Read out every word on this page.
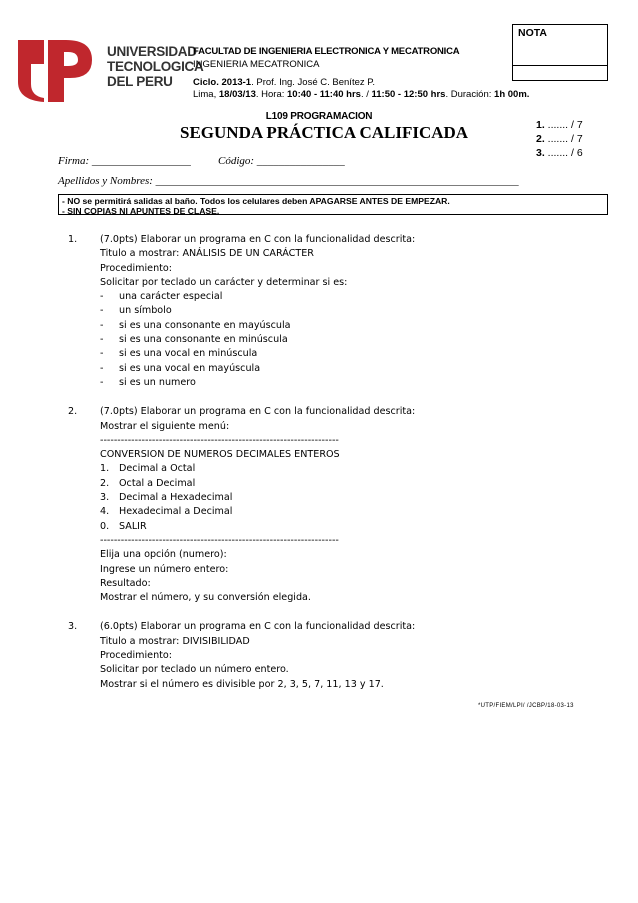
UNIVERSIDAD
TECNOLOGICA
DEL PERU
FACULTAD DE INGENIERIA ELECTRONICA Y MECATRONICA
INGENIERIA MECATRONICA
Ciclo. 2013-1. Prof. Ing. José C. Benítez P.
Lima, 18/03/13. Hora: 10:40 - 11:40 hrs. / 11:50 - 12:50 hrs. Duración: 1h 00m.
NOTA
L109 PROGRAMACION
SEGUNDA PRÁCTICA CALIFICADA	1. ....... / 7
2. ....... / 7
3. ....... / 6
Firma: __________________ Código: ________________
Apellidos y Nombres: __________________________________________________________________
- NO se permitirá salidas al baño. Todos los celulares deben APAGARSE ANTES DE EMPEZAR.
- SIN COPIAS NI APUNTES DE CLASE.
1. (7.0pts) Elaborar un programa en C con la funcionalidad descrita:
Titulo a mostrar: ANÁLISIS DE UN CARÁCTER
Procedimiento:
Solicitar por teclado un carácter y determinar si es:
- una carácter especial
- un símbolo
- si es una consonante en mayúscula
- si es una consonante en minúscula
- si es una vocal en minúscula
- si es una vocal en mayúscula
- si es un numero
2. (7.0pts) Elaborar un programa en C con la funcionalidad descrita:
Mostrar el siguiente menú:
---------------------------------------------------------------------
CONVERSION DE NUMEROS DECIMALES ENTEROS
1. Decimal a Octal
2. Octal a Decimal
3. Decimal a Hexadecimal
4. Hexadecimal a Decimal
0. SALIR
---------------------------------------------------------------------
Elija una opción (numero):
Ingrese un número entero:
Resultado:
Mostrar el número, y su conversión elegida.
3. (6.0pts) Elaborar un programa en C con la funcionalidad descrita:
Titulo a mostrar: DIVISIBILIDAD
Procedimiento:
Solicitar por teclado un número entero.
Mostrar si el número es divisible por 2, 3, 5, 7, 11, 13 y 17.
*UTP/FIEM/LPI/ /JCBP/18-03-13
